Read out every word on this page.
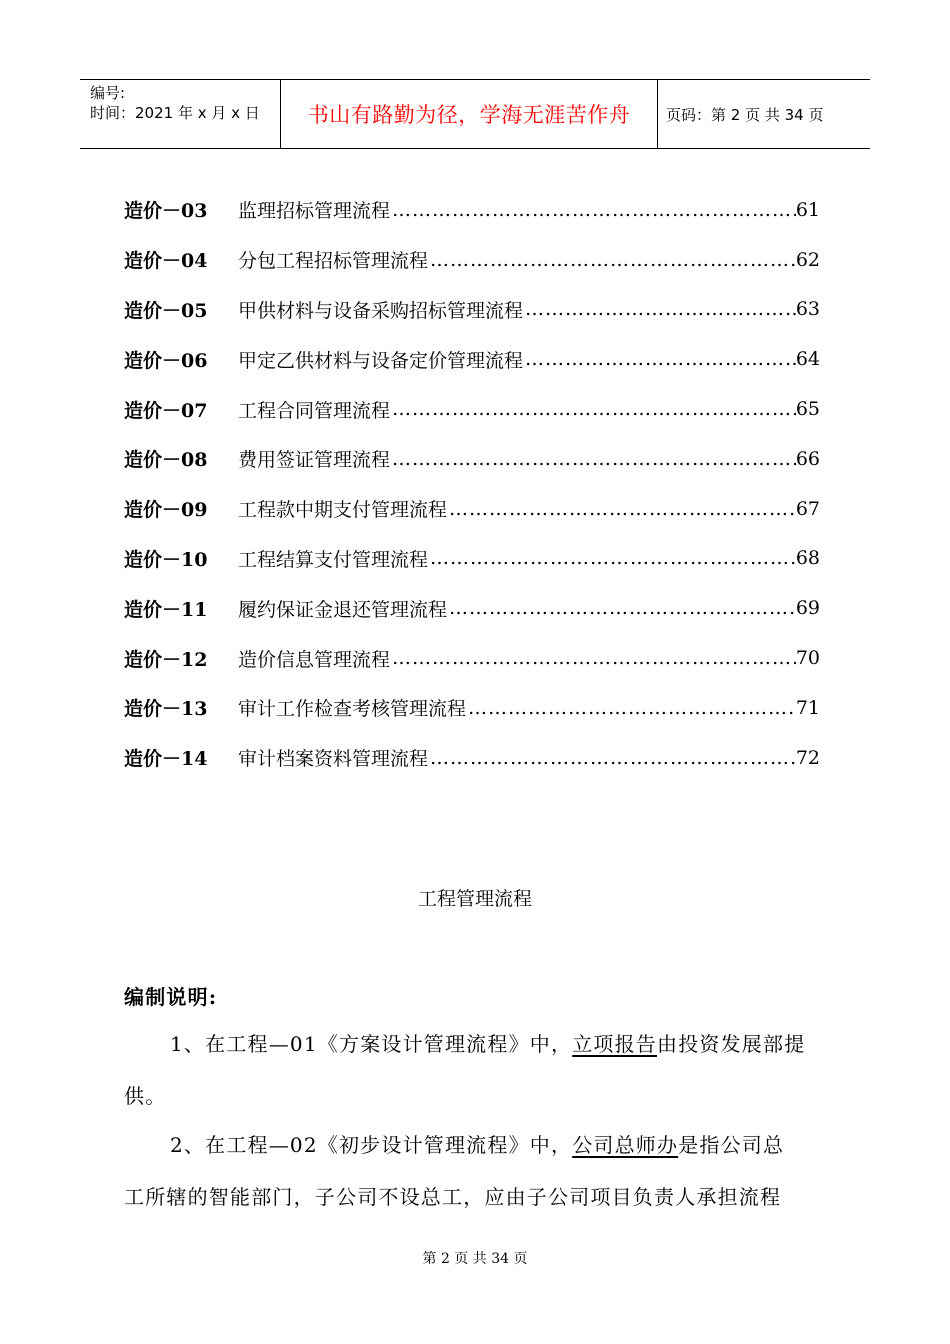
编号:
时间：2021 年 x 月 x 日 书山有路勤为径，学海无涯苦作舟 页码：第 2 页 共 34 页
造价－03	监理招标管理流程 …………………………………………………………………………………………………………………………………………	61
造价－04	分包工程招标管理流程 …………………………………………………………………………………………………………………………………………	62
造价－05	甲供材料与设备采购招标管理流程 …………………………………………………………………………………………………………………………………………	63
造价－06	甲定乙供材料与设备定价管理流程 …………………………………………………………………………………………………………………………………………	64
造价－07	工程合同管理流程 …………………………………………………………………………………………………………………………………………	65
造价－08	费用签证管理流程 …………………………………………………………………………………………………………………………………………	66
造价－09	工程款中期支付管理流程 …………………………………………………………………………………………………………………………………………	67
造价－10	工程结算支付管理流程 …………………………………………………………………………………………………………………………………………	68
造价－11	履约保证金退还管理流程 …………………………………………………………………………………………………………………………………………	69
造价－12	造价信息管理流程 …………………………………………………………………………………………………………………………………………	70
造价－13	审计工作检查考核管理流程 …………………………………………………………………………………………………………………………………………	71
造价－14	审计档案资料管理流程 …………………………………………………………………………………………………………………………………………	72
工程管理流程
编制说明:
1、在工程—01《方案设计管理流程》中，立项报告由投资发展部提
供。
2、在工程—02《初步设计管理流程》中，公司总师办是指公司总
工所辖的智能部门，子公司不设总工，应由子公司项目负责人承担流程
第 2 页 共 34 页
